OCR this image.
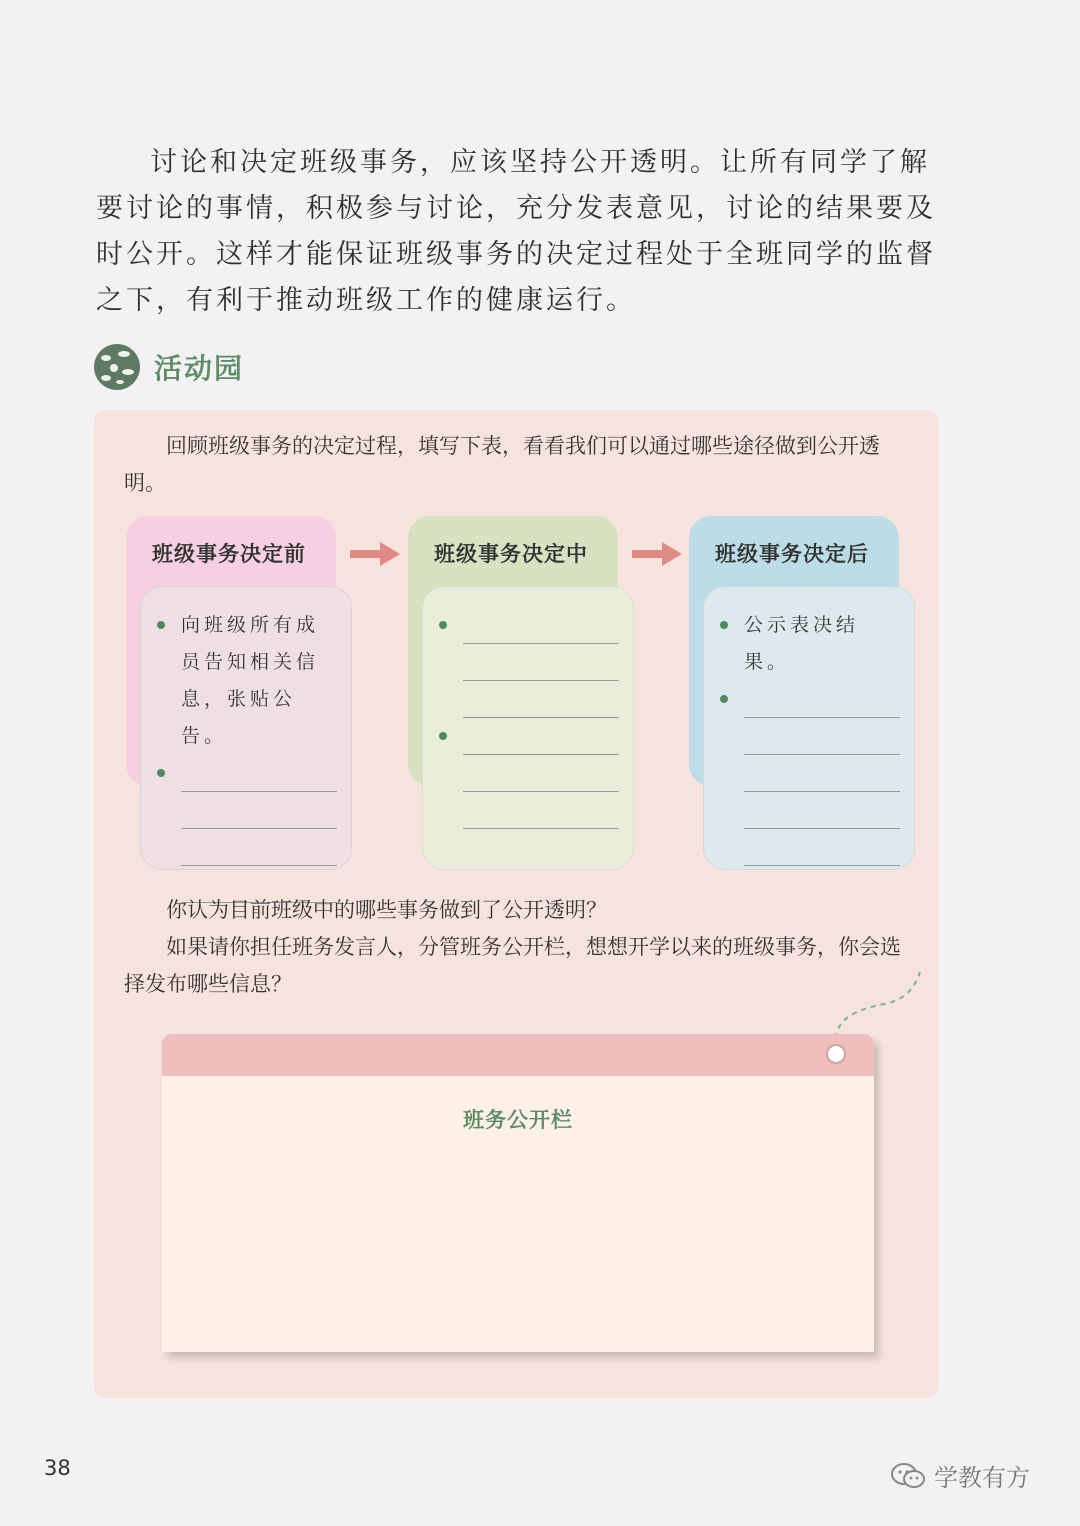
讨论和决定班级事务，应该坚持公开透明。让所有同学了解要讨论的事情，积极参与讨论，充分发表意见，讨论的结果要及时公开。这样才能保证班级事务的决定过程处于全班同学的监督之下，有利于推动班级工作的健康运行。

活动园

回顾班级事务的决定过程，填写下表，看看我们可以通过哪些途径做到公开透明。

班级事务决定前
向班级所有成员告知相关信息，张贴公告。
班级事务决定中	班级事务决定后
公示表决结果。

你认为目前班级中的哪些事务做到了公开透明？

如果请你担任班务发言人，分管班务公开栏，想想开学以来的班级事务，你会选择发布哪些信息？

班务公开栏
38	学教有方
